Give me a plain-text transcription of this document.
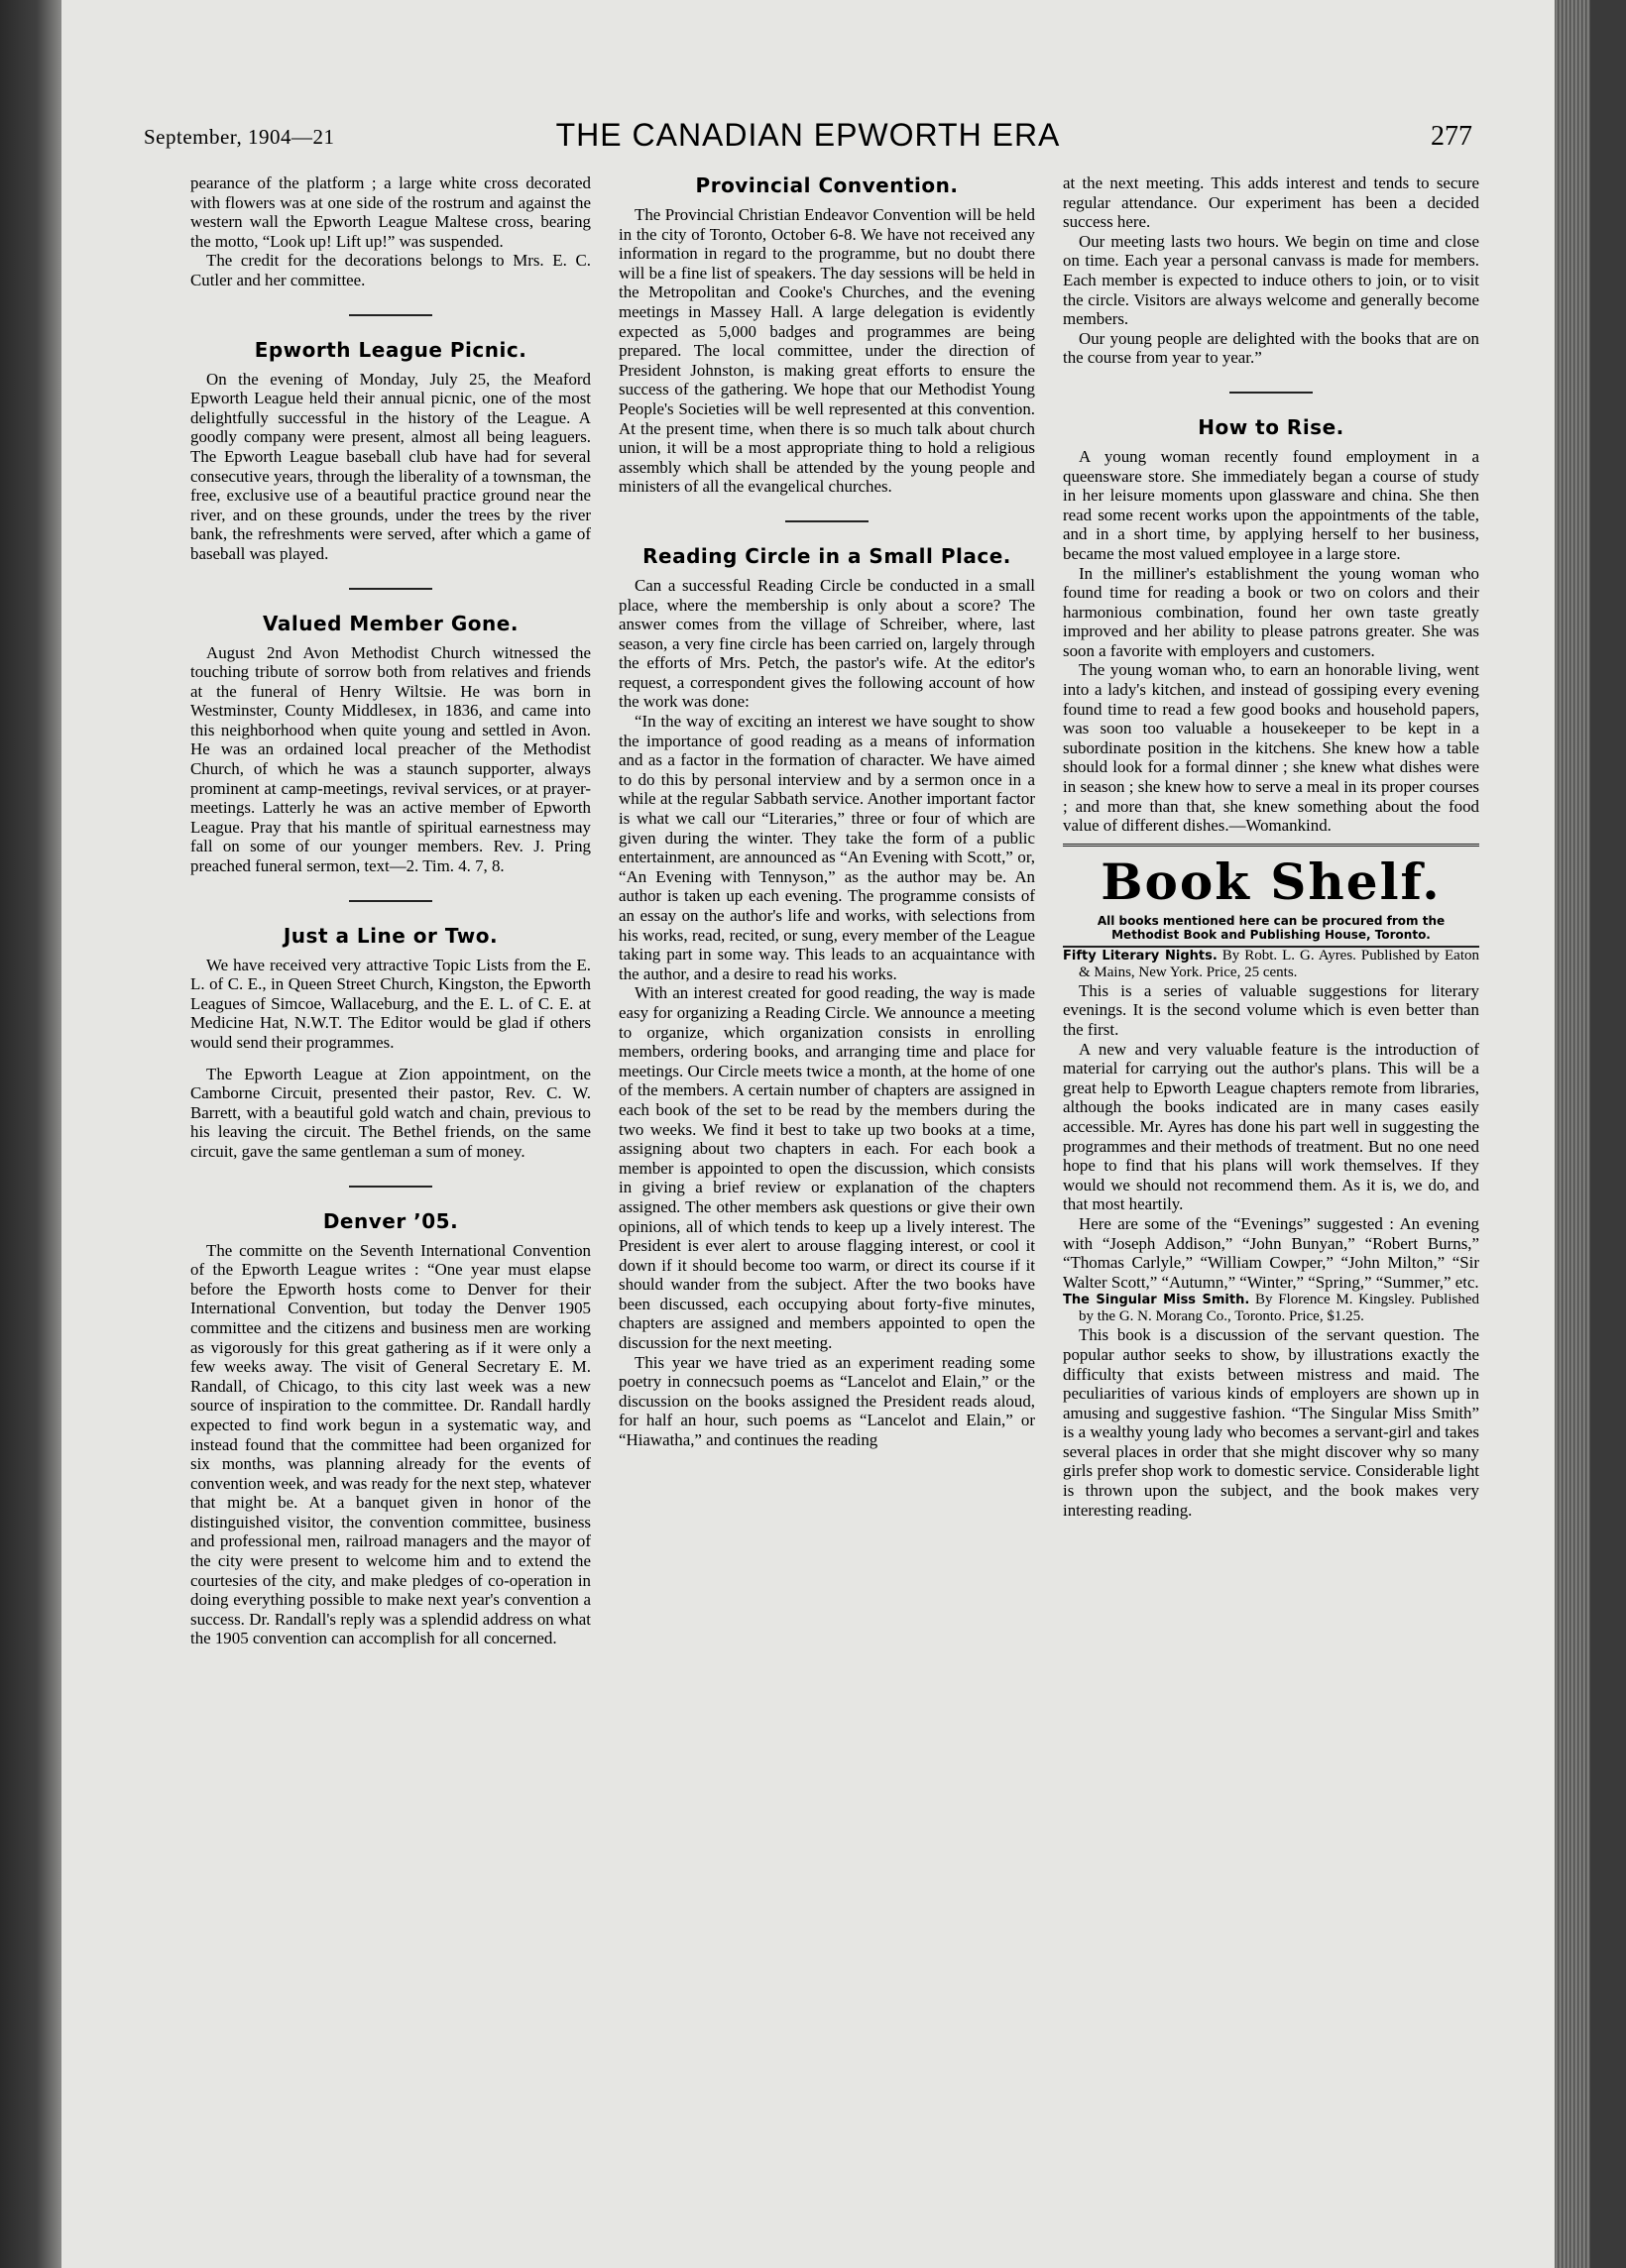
September, 1904—21	THE CANADIAN EPWORTH ERA	277

pearance of the platform ; a large white cross decorated with flowers was at one side of the rostrum and against the western wall the Epworth League Maltese cross, bearing the motto, “Look up! Lift up!” was suspended.

The credit for the decorations belongs to Mrs. E. C. Cutler and her committee.

Epworth League Picnic.

On the evening of Monday, July 25, the Meaford Epworth League held their annual picnic, one of the most delightfully successful in the history of the League. A goodly company were present, almost all being leaguers. The Epworth League baseball club have had for several consecutive years, through the liberality of a townsman, the free, exclusive use of a beautiful practice ground near the river, and on these grounds, under the trees by the river bank, the refreshments were served, after which a game of baseball was played.

Valued Member Gone.

August 2nd Avon Methodist Church witnessed the touching tribute of sorrow both from relatives and friends at the funeral of Henry Wiltsie. He was born in Westminster, County Middlesex, in 1836, and came into this neighborhood when quite young and settled in Avon. He was an ordained local preacher of the Methodist Church, of which he was a staunch supporter, always prominent at camp-meetings, revival services, or at prayer-meetings. Latterly he was an active member of Epworth League. Pray that his mantle of spiritual earnestness may fall on some of our younger members. Rev. J. Pring preached funeral sermon, text—2. Tim. 4. 7, 8.

Just a Line or Two.

We have received very attractive Topic Lists from the E. L. of C. E., in Queen Street Church, Kingston, the Epworth Leagues of Simcoe, Wallaceburg, and the E. L. of C. E. at Medicine Hat, N.W.T. The Editor would be glad if others would send their programmes.

The Epworth League at Zion appointment, on the Camborne Circuit, presented their pastor, Rev. C. W. Barrett, with a beautiful gold watch and chain, previous to his leaving the circuit. The Bethel friends, on the same circuit, gave the same gentleman a sum of money.

Denver ’05.

The committe on the Seventh International Convention of the Epworth League writes : “One year must elapse before the Epworth hosts come to Denver for their International Convention, but today the Denver 1905 committee and the citizens and business men are working as vigorously for this great gathering as if it were only a few weeks away. The visit of General Secretary E. M. Randall, of Chicago, to this city last week was a new source of inspiration to the committee. Dr. Randall hardly expected to find work begun in a systematic way, and instead found that the committee had been organized for six months, was planning already for the events of convention week, and was ready for the next step, whatever that might be. At a banquet given in honor of the distinguished visitor, the convention committee, business and professional men, railroad managers and the mayor of the city were present to welcome him and to extend the courtesies of the city, and make pledges of co-operation in doing everything possible to make next year's convention a success. Dr. Randall's reply was a splendid address on what the 1905 convention can accomplish for all concerned.

Provincial Convention.

The Provincial Christian Endeavor Convention will be held in the city of Toronto, October 6-8. We have not received any information in regard to the programme, but no doubt there will be a fine list of speakers. The day sessions will be held in the Metropolitan and Cooke's Churches, and the evening meetings in Massey Hall. A large delegation is evidently expected as 5,000 badges and programmes are being prepared. The local committee, under the direction of President Johnston, is making great efforts to ensure the success of the gathering. We hope that our Methodist Young People's Societies will be well represented at this convention. At the present time, when there is so much talk about church union, it will be a most appropriate thing to hold a religious assembly which shall be attended by the young people and ministers of all the evangelical churches.

Reading Circle in a Small Place.

Can a successful Reading Circle be conducted in a small place, where the membership is only about a score? The answer comes from the village of Schreiber, where, last season, a very fine circle has been carried on, largely through the efforts of Mrs. Petch, the pastor's wife. At the editor's request, a correspondent gives the following account of how the work was done:

“In the way of exciting an interest we have sought to show the importance of good reading as a means of information and as a factor in the formation of character. We have aimed to do this by personal interview and by a sermon once in a while at the regular Sabbath service. Another important factor is what we call our “Literaries,” three or four of which are given during the winter. They take the form of a public entertainment, are announced as “An Evening with Scott,” or, “An Evening with Tennyson,” as the author may be. An author is taken up each evening. The programme consists of an essay on the author's life and works, with selections from his works, read, recited, or sung, every member of the League taking part in some way. This leads to an acquaintance with the author, and a desire to read his works.

With an interest created for good reading, the way is made easy for organizing a Reading Circle. We announce a meeting to organize, which organization consists in enrolling members, ordering books, and arranging time and place for meetings. Our Circle meets twice a month, at the home of one of the members. A certain number of chapters are assigned in each book of the set to be read by the members during the two weeks. We find it best to take up two books at a time, assigning about two chapters in each. For each book a member is appointed to open the discussion, which consists in giving a brief review or explanation of the chapters assigned. The other members ask questions or give their own opinions, all of which tends to keep up a lively interest. The President is ever alert to arouse flagging interest, or cool it down if it should become too warm, or direct its course if it should wander from the subject. After the two books have been discussed, each occupying about forty-five minutes, chapters are assigned and members appointed to open the discussion for the next meeting.

This year we have tried as an experiment reading some poetry in connecsuch poems as “Lancelot and Elain,” or the discussion on the books assigned the President reads aloud, for half an hour, such poems as “Lancelot and Elain,” or “Hiawatha,” and continues the reading

at the next meeting. This adds interest and tends to secure regular attendance. Our experiment has been a decided success here.

Our meeting lasts two hours. We begin on time and close on time. Each year a personal canvass is made for members. Each member is expected to induce others to join, or to visit the circle. Visitors are always welcome and generally become members.

Our young people are delighted with the books that are on the course from year to year.”

How to Rise.

A young woman recently found employment in a queensware store. She immediately began a course of study in her leisure moments upon glassware and china. She then read some recent works upon the appointments of the table, and in a short time, by applying herself to her business, became the most valued employee in a large store.

In the milliner's establishment the young woman who found time for reading a book or two on colors and their harmonious combination, found her own taste greatly improved and her ability to please patrons greater. She was soon a favorite with employers and customers.

The young woman who, to earn an honorable living, went into a lady's kitchen, and instead of gossiping every evening found time to read a few good books and household papers, was soon too valuable a housekeeper to be kept in a subordinate position in the kitchens. She knew how a table should look for a formal dinner ; she knew what dishes were in season ; she knew how to serve a meal in its proper courses ; and more than that, she knew something about the food value of different dishes.—Womankind.

Book Shelf.
All books mentioned here can be procured from the Methodist Book and Publishing House, Toronto.

Fifty Literary Nights. By Robt. L. G. Ayres. Published by Eaton & Mains, New York. Price, 25 cents.

This is a series of valuable suggestions for literary evenings. It is the second volume which is even better than the first.

A new and very valuable feature is the introduction of material for carrying out the author's plans. This will be a great help to Epworth League chapters remote from libraries, although the books indicated are in many cases easily accessible. Mr. Ayres has done his part well in suggesting the programmes and their methods of treatment. But no one need hope to find that his plans will work themselves. If they would we should not recommend them. As it is, we do, and that most heartily.

Here are some of the “Evenings” suggested : An evening with “Joseph Addison,” “John Bunyan,” “Robert Burns,” “Thomas Carlyle,” “William Cowper,” “John Milton,” “Sir Walter Scott,” “Autumn,” “Winter,” “Spring,” “Summer,” etc.

The Singular Miss Smith. By Florence M. Kingsley. Published by the G. N. Morang Co., Toronto. Price, $1.25.

This book is a discussion of the servant question. The popular author seeks to show, by illustrations exactly the difficulty that exists between mistress and maid. The peculiarities of various kinds of employers are shown up in amusing and suggestive fashion. “The Singular Miss Smith” is a wealthy young lady who becomes a servant-girl and takes several places in order that she might discover why so many girls prefer shop work to domestic service. Considerable light is thrown upon the subject, and the book makes very interesting reading.
